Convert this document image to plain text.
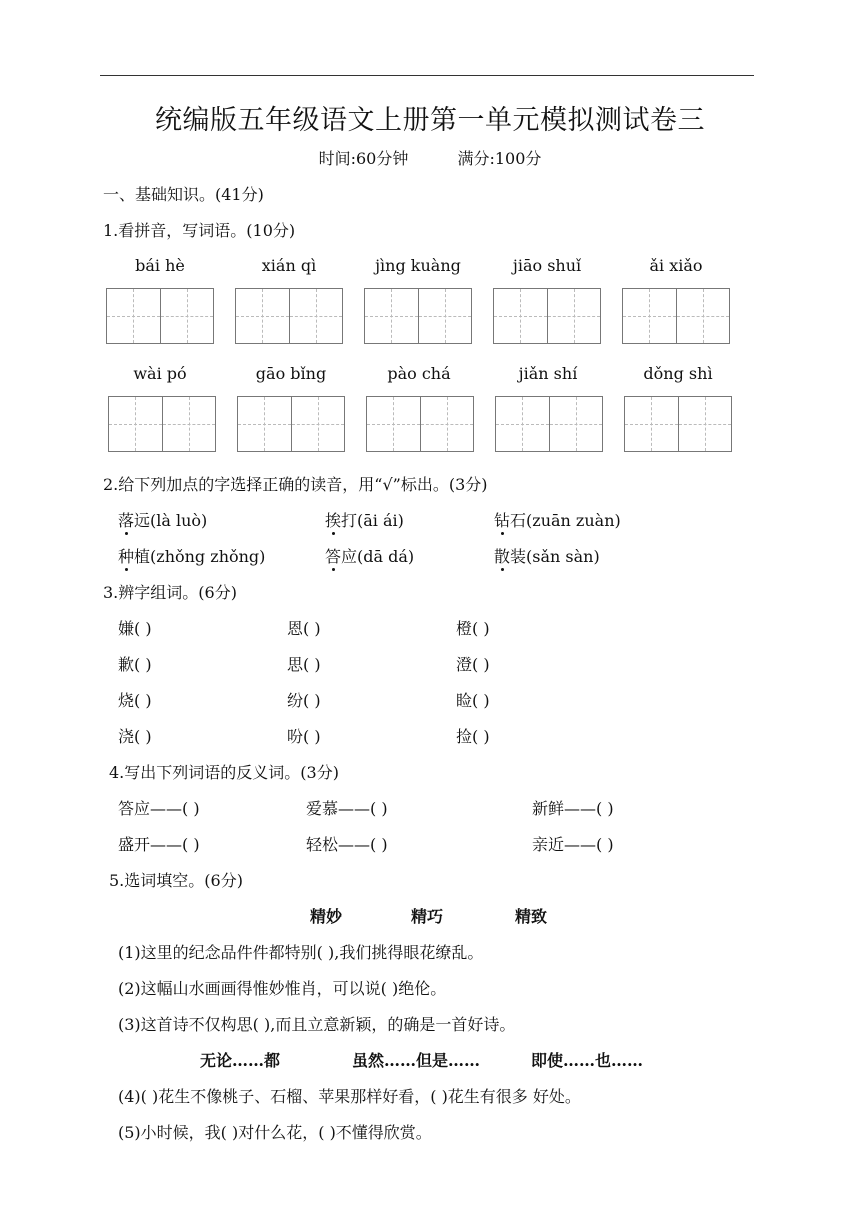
统编版五年级语文上册第一单元模拟测试卷三
时间:60分钟	满分:100分
一、基础知识。(41分)
1.看拼音，写词语。(10分)
bái hè	xián qì	jìng kuàng	jiāo shuǐ	ǎi xiǎo
wài pó	gāo bǐng	pào chá	jiǎn shí	dǒng shì
2.给下列加点的字选择正确的读音，用“√”标出。(3分)
落远(là luò)	挨打(āi ái)	钻石(zuān zuàn)
种植(zhǒng zhǒng)	答应(dā dá)	散装(sǎn sàn)
3.辨字组词。(6分)
嫌( )	恩( )	橙( )
歉( )	思( )	澄( )
烧( )	纷( )	睑( )
浇( )	吩( )	捡( )
4.写出下列词语的反义词。(3分)
答应——( )	爱慕——( )	新鲜——( )
盛开——( )	轻松——( )	亲近——( )
5.选词填空。(6分)
精妙	精巧	精致
(1)这里的纪念品件件都特别( ),我们挑得眼花缭乱。
(2)这幅山水画画得惟妙惟肖，可以说( )绝伦。
(3)这首诗不仅构思( ),而且立意新颖，的确是一首好诗。
无论……都	虽然……但是……	即使……也……
(4)( )花生不像桃子、石榴、苹果那样好看，( )花生有很多 好处。
(5)小时候，我( )对什么花，( )不懂得欣赏。
